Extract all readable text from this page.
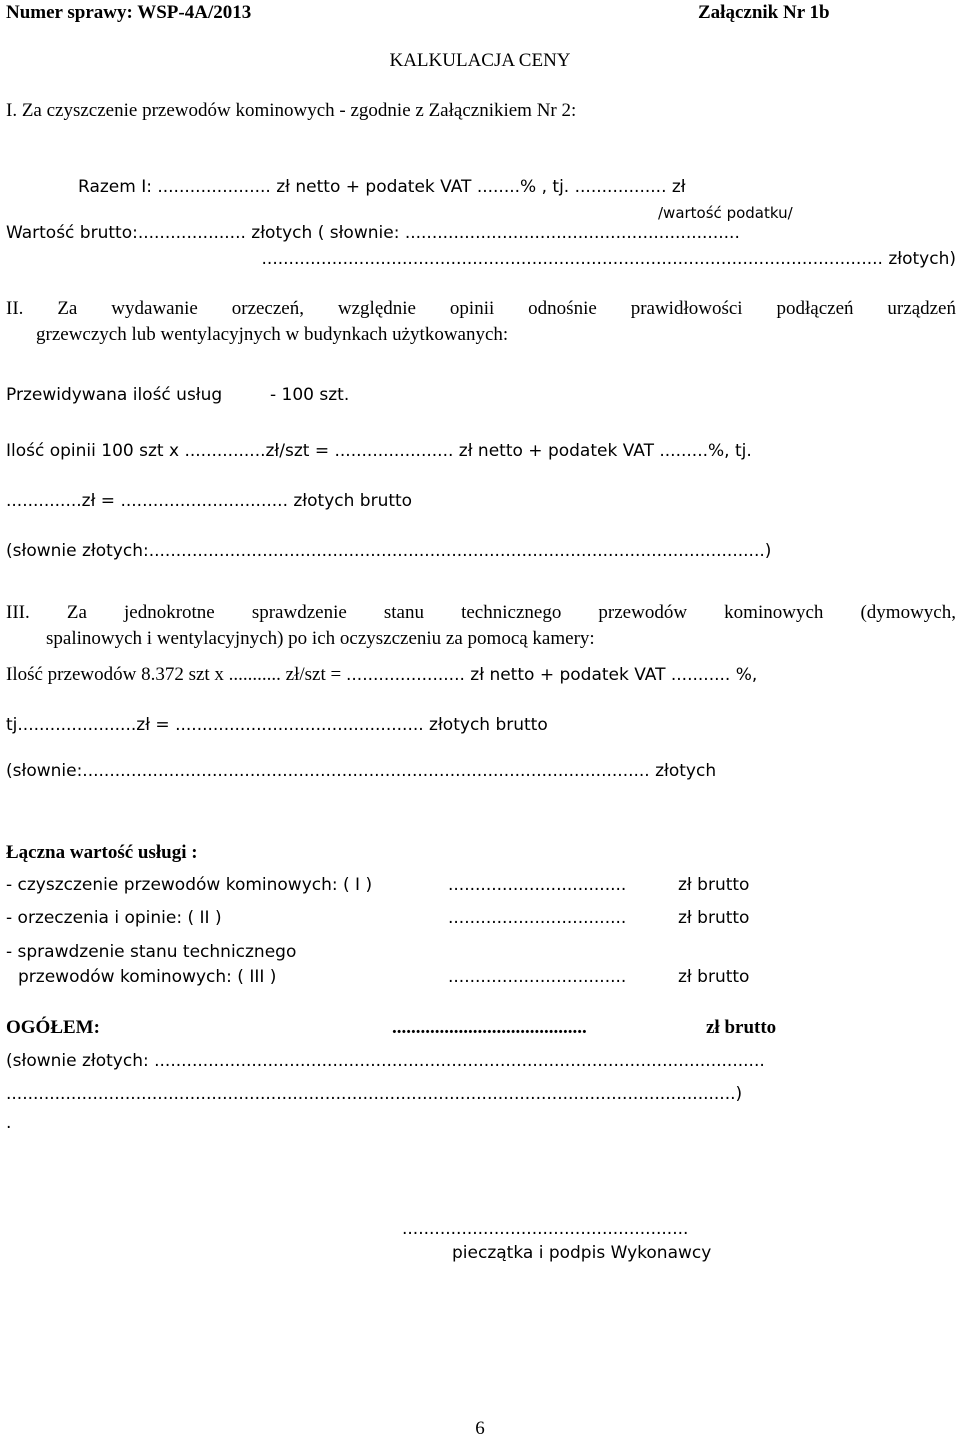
Numer sprawy: WSP-4A/2013	Załącznik Nr 1b
KALKULACJA CENY
I. Za czyszczenie przewodów kominowych - zgodnie z Załącznikiem Nr 2:
Razem I: ..................... zł netto + podatek VAT ........% , tj. ................. zł
/wartość podatku/
Wartość brutto:.................... złotych ( słownie: ..............................................................
................................................................................................................... złotych)
II. Za wydawanie orzeczeń, względnie opinii odnośnie prawidłowości podłączeń urządzeń
grzewczych lub wentylacyjnych w budynkach użytkowanych:
Przewidywana ilość usług	- 100 szt.
Ilość opinii 100 szt x ...............zł/szt = ...................... zł netto + podatek VAT .........%, tj.
..............zł = ............................... złotych brutto
(słownie złotych:..................................................................................................................)
III. Za jednokrotne sprawdzenie stanu technicznego przewodów kominowych (dymowych,
spalinowych i wentylacyjnych) po ich oczyszczeniu za pomocą kamery:
Ilość przewodów 8.372 szt x ........... zł/szt = ...................... zł netto + podatek VAT ........... %,
tj......................zł = .............................................. złotych brutto
(słownie:......................................................................................................... złotych
Łączna wartość usługi :
- czyszczenie przewodów kominowych: ( I )	.................................	zł brutto
- orzeczenia i opinie: ( II )	.................................	zł brutto
- sprawdzenie stanu technicznego
przewodów kominowych: ( III )	.................................	zł brutto
OGÓŁEM:	.........................................	zł brutto
(słownie złotych: .................................................................................................................
.......................................................................................................................................)
.
.....................................................
pieczątka i podpis Wykonawcy
6
